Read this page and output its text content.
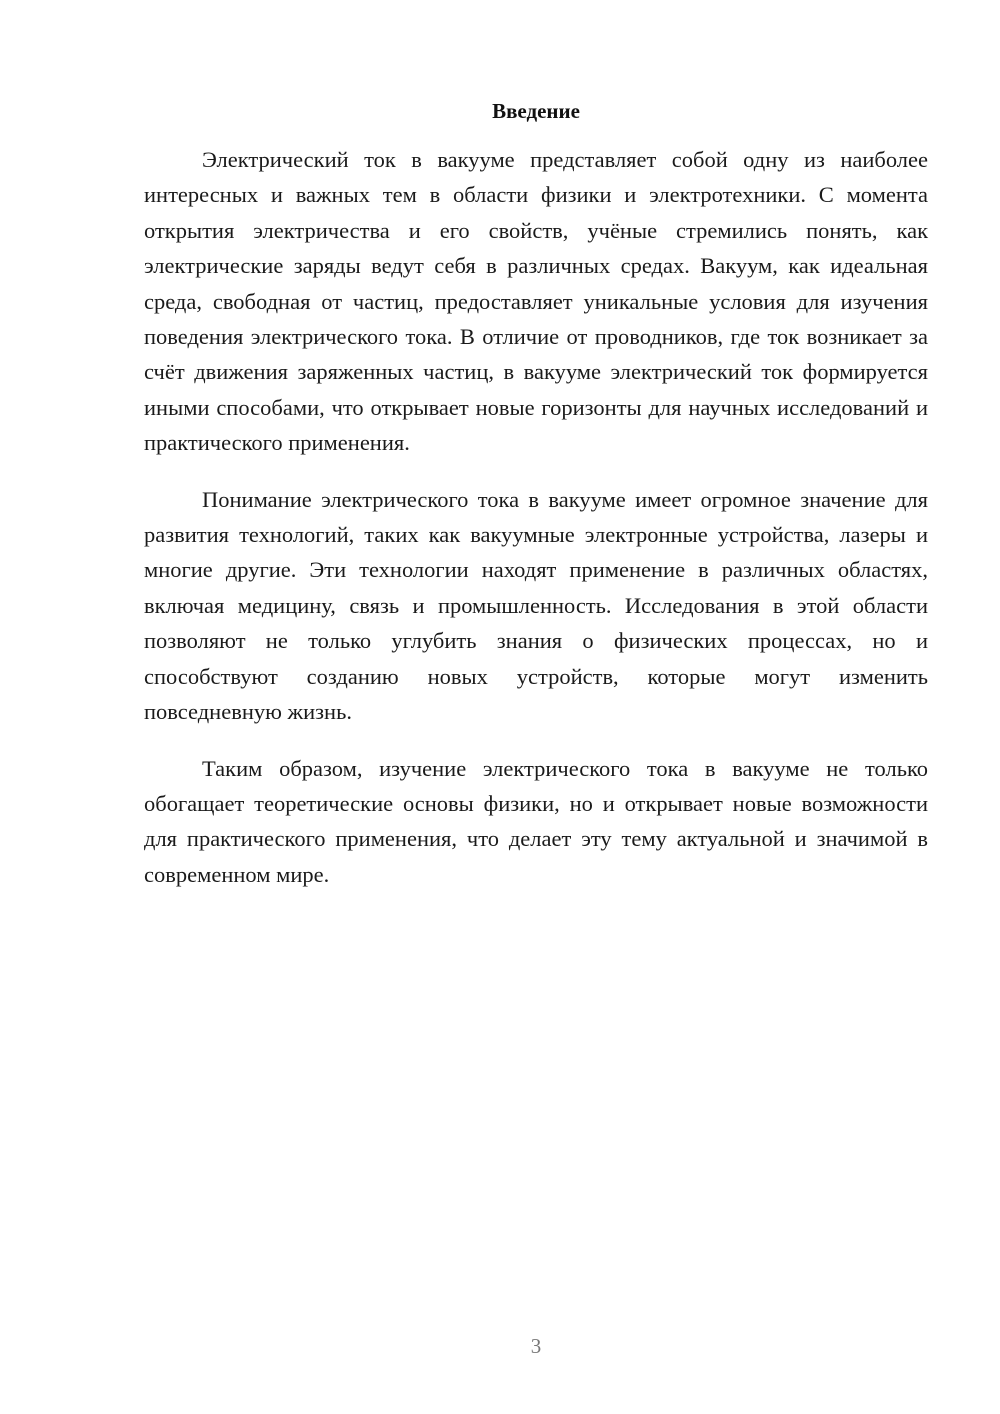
Введение

Электрический ток в вакууме представляет собой одну из наиболее интересных и важных тем в области физики и электротехники. С момента открытия электричества и его свойств, учёные стремились понять, как электрические заряды ведут себя в различных средах. Вакуум, как идеальная среда, свободная от частиц, предоставляет уникальные условия для изучения поведения электрического тока. В отличие от проводников, где ток возникает за счёт движения заряженных частиц, в вакууме электрический ток формируется иными способами, что открывает новые горизонты для научных исследований и практического применения.

Понимание электрического тока в вакууме имеет огромное значение для развития технологий, таких как вакуумные электронные устройства, лазеры и многие другие. Эти технологии находят применение в различных областях, включая медицину, связь и промышленность. Исследования в этой области позволяют не только углубить знания о физических процессах, но и способствуют созданию новых устройств, которые могут изменить повседневную жизнь.

Таким образом, изучение электрического тока в вакууме не только обогащает теоретические основы физики, но и открывает новые возможности для практического применения, что делает эту тему актуальной и значимой в современном мире.

3
